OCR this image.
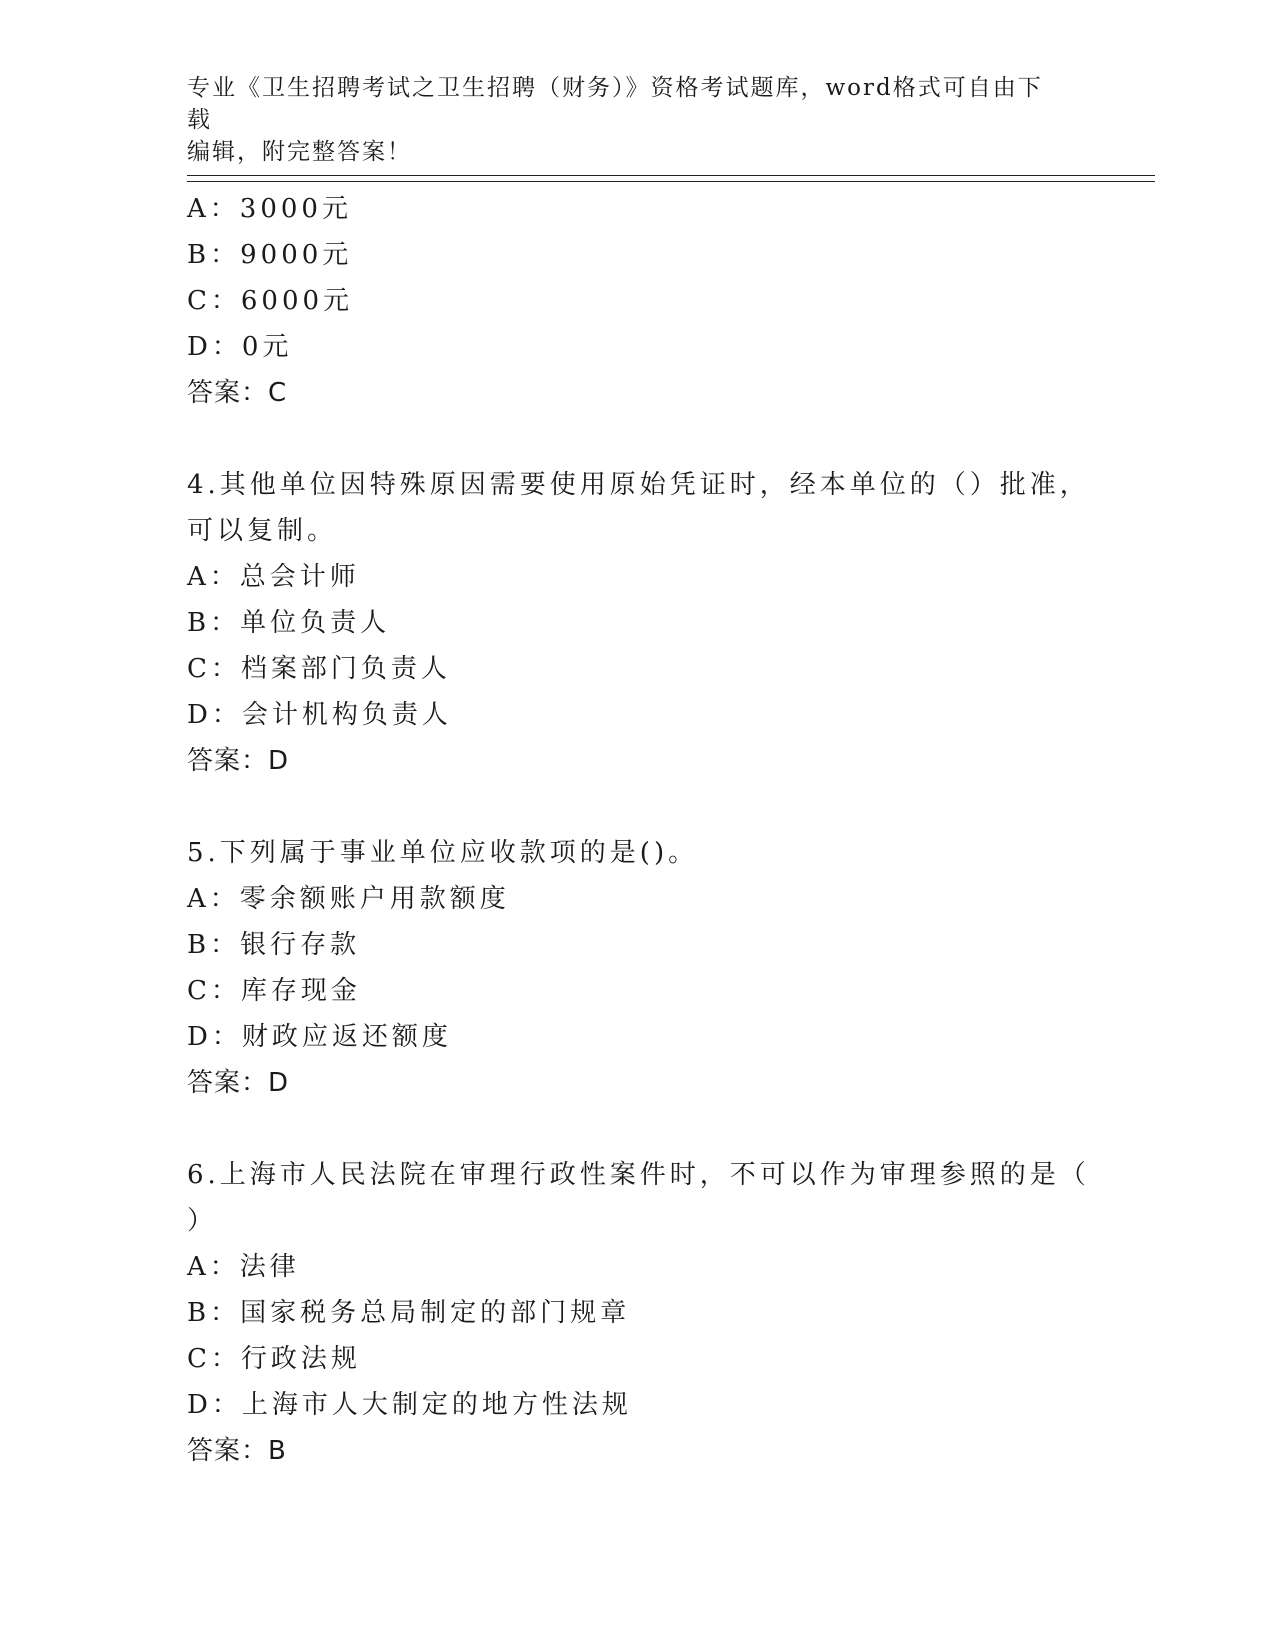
专业《卫生招聘考试之卫生招聘（财务）》资格考试题库，word格式可自由下载
编辑，附完整答案！
A：3000元
B：9000元
C：6000元
D：0元
答案：C
4.其他单位因特殊原因需要使用原始凭证时，经本单位的（）批准，
可以复制。
A：总会计师
B：单位负责人
C：档案部门负责人
D：会计机构负责人
答案：D
5.下列属于事业单位应收款项的是()。
A：零余额账户用款额度
B：银行存款
C：库存现金
D：财政应返还额度
答案：D
6.上海市人民法院在审理行政性案件时，不可以作为审理参照的是（
）
A：法律
B：国家税务总局制定的部门规章
C：行政法规
D：上海市人大制定的地方性法规
答案：B
